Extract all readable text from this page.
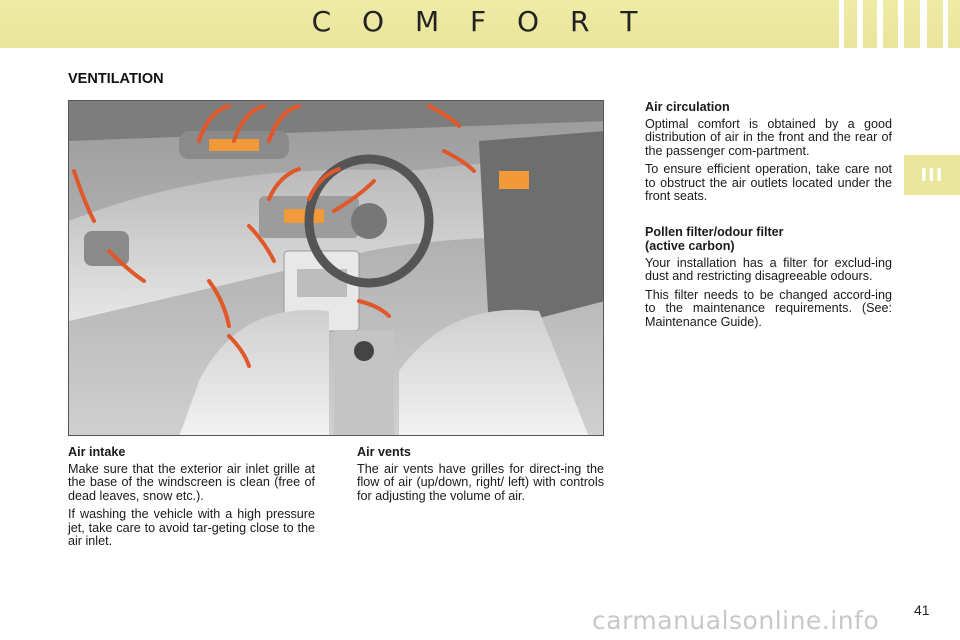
C O M F O R T
III
VENTILATION
Air circulation

Optimal comfort is obtained by a good distribution of air in the front and the rear of the passenger com-partment.

To ensure efficient operation, take care not to obstruct the air outlets located under the front seats.

Pollen filter/odour filter
(active carbon)

Your installation has a filter for exclud-ing dust and restricting disagreeable odours.

This filter needs to be changed accord-ing to the maintenance requirements. (See: Maintenance Guide).

Air intake

Make sure that the exterior air inlet grille at the base of the windscreen is clean (free of dead leaves, snow etc.).

If washing the vehicle with a high pressure jet, take care to avoid tar-geting close to the air inlet.

Air vents

The air vents have grilles for direct-ing the flow of air (up/down, right/ left) with controls for adjusting the volume of air.

carmanualsonline.info 41
